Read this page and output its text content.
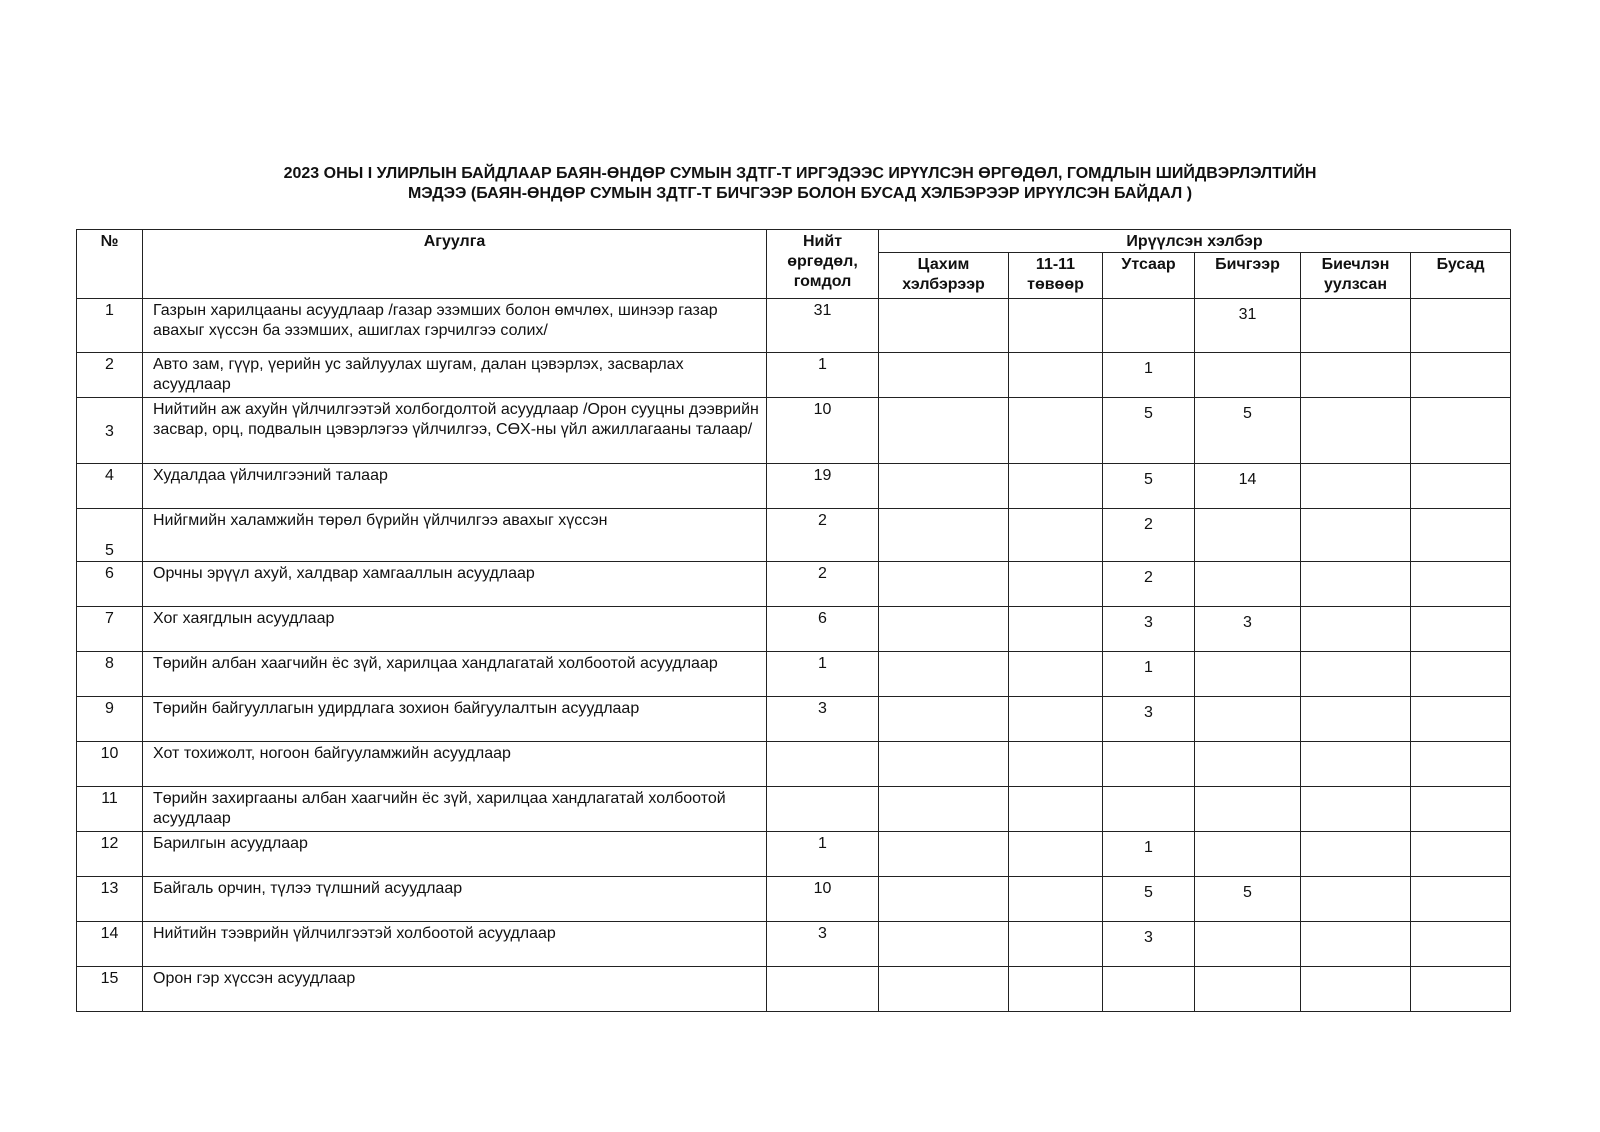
2023 ОНЫ I УЛИРЛЫН БАЙДЛААР БАЯН-ӨНДӨР СУМЫН ЗДТГ-Т ИРГЭДЭЭС ИРҮҮЛСЭН ӨРГӨДӨЛ, ГОМДЛЫН ШИЙДВЭРЛЭЛТИЙН
МЭДЭЭ (БАЯН-ӨНДӨР СУМЫН ЗДТГ-Т БИЧГЭЭР БОЛОН БУСАД ХЭЛБЭРЭЭР ИРҮҮЛСЭН БАЙДАЛ )
№	Агуулга	Нийт өргөдөл, гомдол	Ирүүлсэн хэлбэр					
			Цахим хэлбэрээр	11-11 төвөөр	Утсаар	Бичгээр	Биечлэн уулзсан	Бусад
1	Газрын харилцааны асуудлаар /газар эзэмших болон өмчлөх, шинээр газар авахыг хүссэн ба эзэмших, ашиглах гэрчилгээ солих/	31				31		
2	Авто зам, гүүр, үерийн ус зайлуулах шугам, далан цэвэрлэх, засварлах асуудлаар	1			1			
3	Нийтийн аж ахуйн үйлчилгээтэй холбогдолтой асуудлаар /Орон сууцны дээврийн засвар, орц, подвалын цэвэрлэгээ үйлчилгээ, СӨХ-ны үйл ажиллагааны талаар/	10			5	5		
4	Худалдаа үйлчилгээний талаар	19			5	14		
5	Нийгмийн халамжийн төрөл бүрийн үйлчилгээ авахыг хүссэн	2			2			
6	Орчны эрүүл ахуй, халдвар хамгааллын асуудлаар	2			2			
7	Хог хаягдлын асуудлаар	6			3	3		
8	Төрийн албан хаагчийн ёс зүй, харилцаа хандлагатай холбоотой асуудлаар	1			1			
9	Төрийн байгууллагын удирдлага зохион байгуулалтын асуудлаар	3			3			
10	Хот тохижолт, ногоон байгууламжийн асуудлаар							
11	Төрийн захиргааны албан хаагчийн ёс зүй, харилцаа хандлагатай холбоотой асуудлаар							
12	Барилгын асуудлаар	1			1			
13	Байгаль орчин, түлээ түлшний асуудлаар	10			5	5		
14	Нийтийн тээврийн үйлчилгээтэй холбоотой асуудлаар	3			3			
15	Орон гэр хүссэн асуудлаар							
